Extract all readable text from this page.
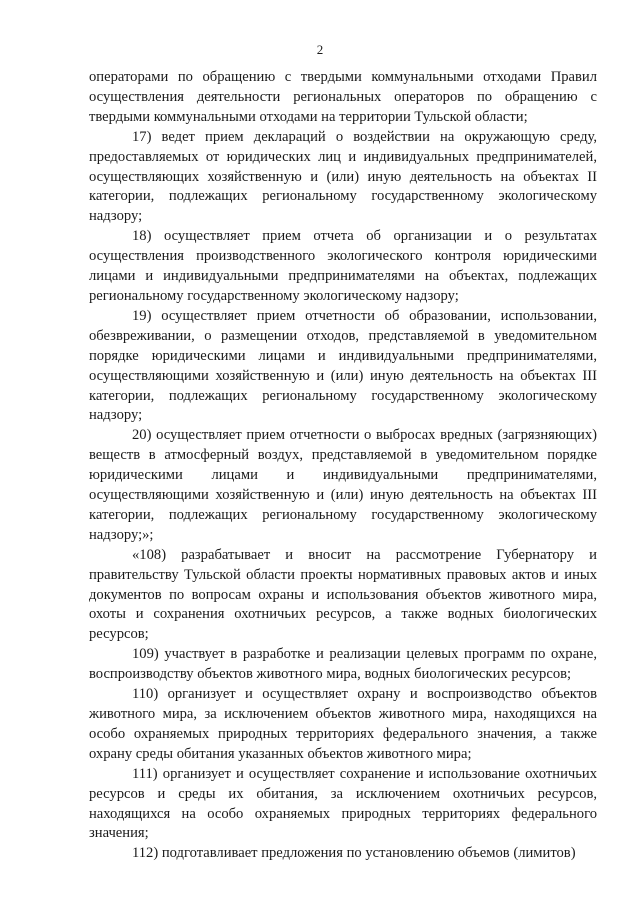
2

операторами по обращению с твердыми коммунальными отходами Правил осуществления деятельности региональных операторов по обращению с твердыми коммунальными отходами на территории Тульской области;

17) ведет прием деклараций о воздействии на окружающую среду, предоставляемых от юридических лиц и индивидуальных предпринимателей, осуществляющих хозяйственную и (или) иную деятельность на объектах II категории, подлежащих региональному государственному экологическому надзору;

18) осуществляет прием отчета об организации и о результатах осуществления производственного экологического контроля юридическими лицами и индивидуальными предпринимателями на объектах, подлежащих региональному государственному экологическому надзору;

19) осуществляет прием отчетности об образовании, использовании, обезвреживании, о размещении отходов, представляемой в уведомительном порядке юридическими лицами и индивидуальными предпринимателями, осуществляющими хозяйственную и (или) иную деятельность на объектах III категории, подлежащих региональному государственному экологическому надзору;

20) осуществляет прием отчетности о выбросах вредных (загрязняющих) веществ в атмосферный воздух, представляемой в уведомительном порядке юридическими лицами и индивидуальными предпринимателями, осуществляющими хозяйственную и (или) иную деятельность на объектах III категории, подлежащих региональному государственному экологическому надзору;»;

«108) разрабатывает и вносит на рассмотрение Губернатору и правительству Тульской области проекты нормативных правовых актов и иных документов по вопросам охраны и использования объектов животного мира, охоты и сохранения охотничьих ресурсов, а также водных биологических ресурсов;

109) участвует в разработке и реализации целевых программ по охране, воспроизводству объектов животного мира, водных биологических ресурсов;

110) организует и осуществляет охрану и воспроизводство объектов животного мира, за исключением объектов животного мира, находящихся на особо охраняемых природных территориях федерального значения, а также охрану среды обитания указанных объектов животного мира;

111) организует и осуществляет сохранение и использование охотничьих ресурсов и среды их обитания, за исключением охотничьих ресурсов, находящихся на особо охраняемых природных территориях федерального значения;

112) подготавливает предложения по установлению объемов (лимитов)
